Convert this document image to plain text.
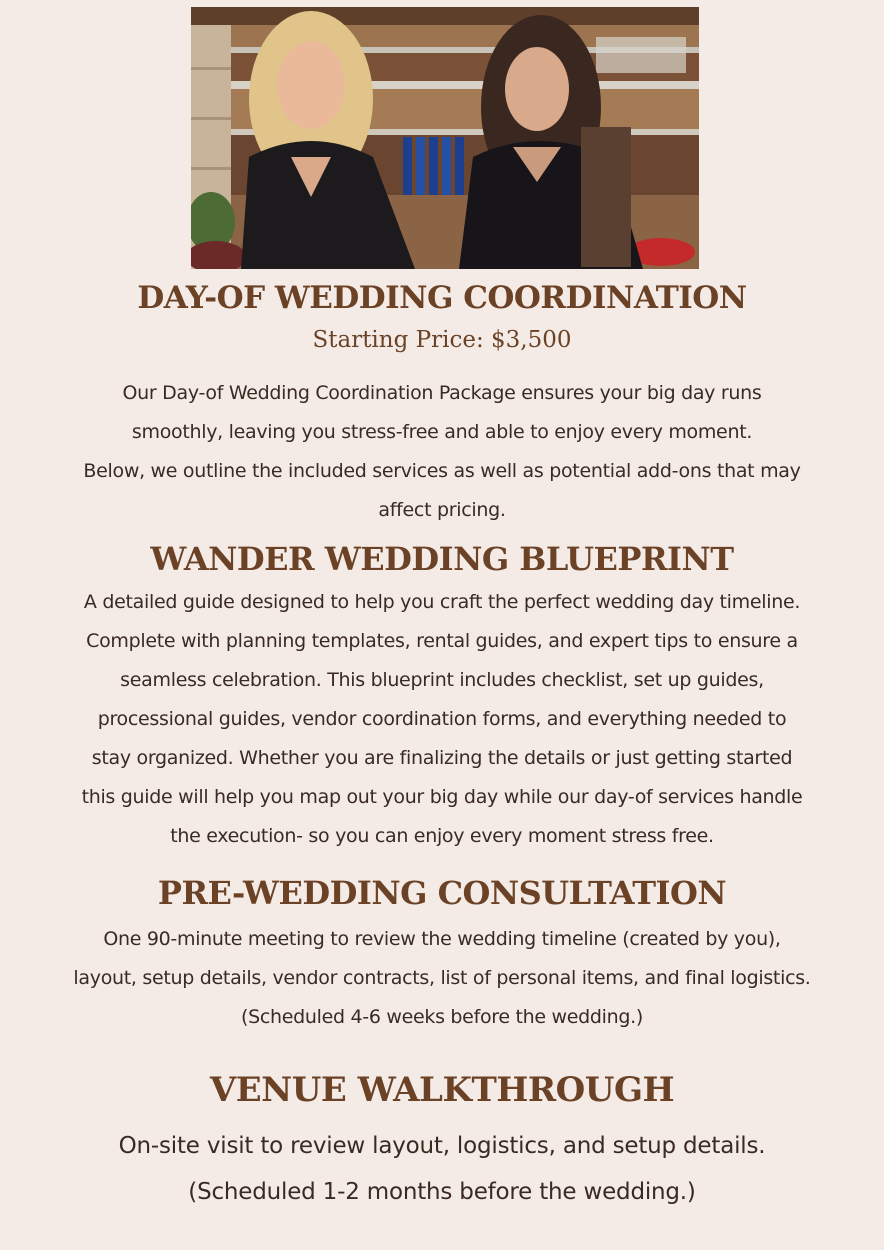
DAY-OF WEDDING COORDINATION
Starting Price: $3,500
Our Day-of Wedding Coordination Package ensures your big day runs
smoothly, leaving you stress-free and able to enjoy every moment.
Below, we outline the included services as well as potential add-ons that may
affect pricing.
WANDER WEDDING BLUEPRINT
A detailed guide designed to help you craft the perfect wedding day timeline.
Complete with planning templates, rental guides, and expert tips to ensure a
seamless celebration. This blueprint includes checklist, set up guides,
processional guides, vendor coordination forms, and everything needed to
stay organized. Whether you are finalizing the details or just getting started
this guide will help you map out your big day while our day-of services handle
the execution- so you can enjoy every moment stress free.
PRE-WEDDING CONSULTATION
One 90-minute meeting to review the wedding timeline (created by you),
layout, setup details, vendor contracts, list of personal items, and final logistics.
(Scheduled 4-6 weeks before the wedding.)
VENUE WALKTHROUGH
On-site visit to review layout, logistics, and setup details.
(Scheduled 1-2 months before the wedding.)
